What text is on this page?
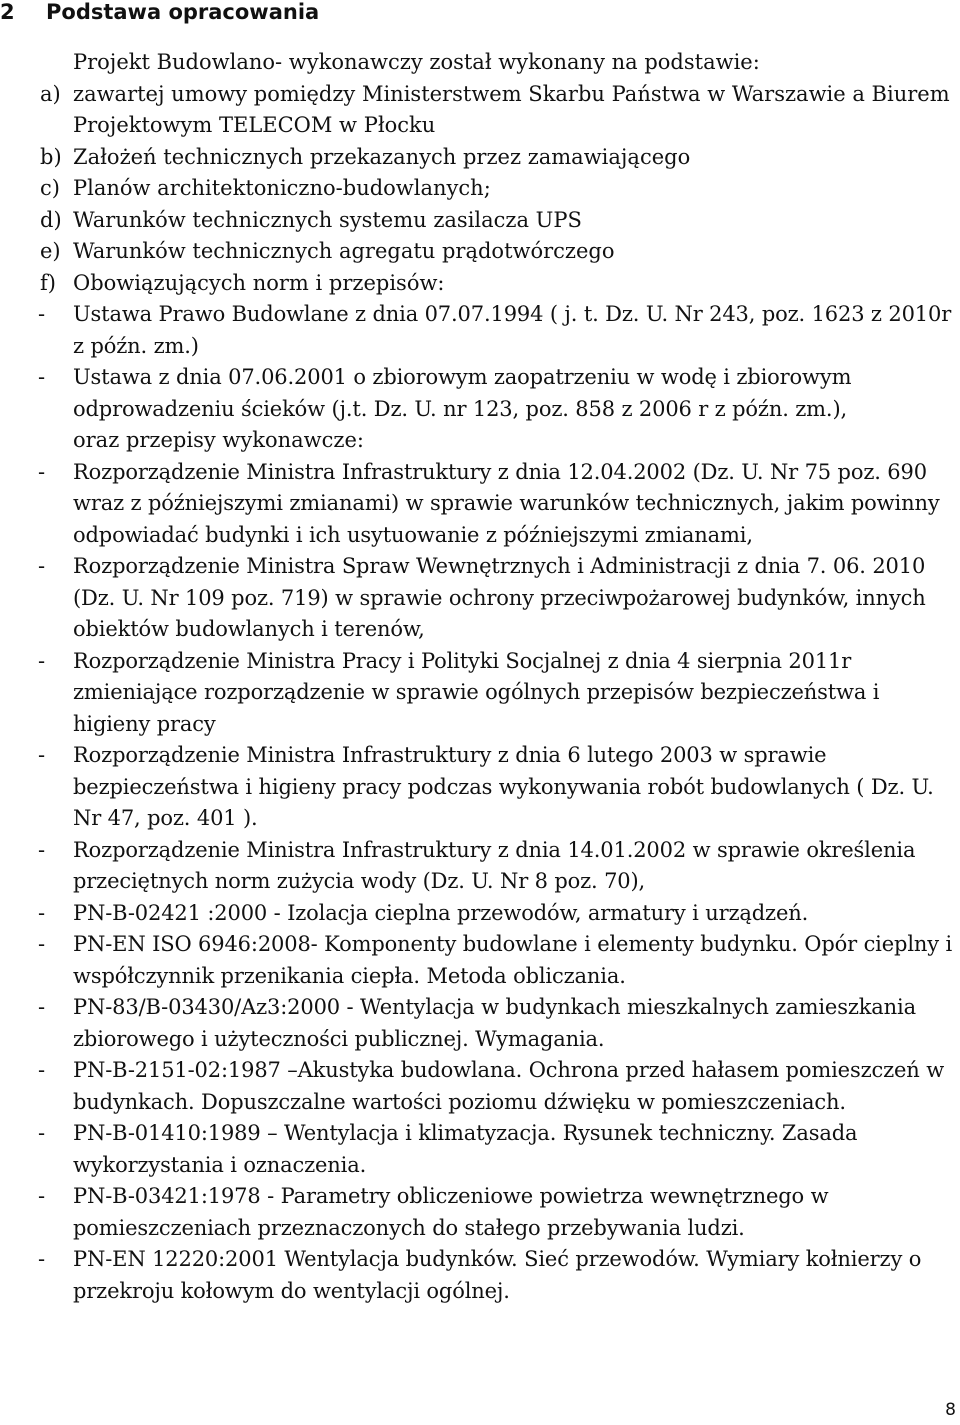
2 Podstawa opracowania

Projekt Budowlano- wykonawczy został wykonany na podstawie:

a) zawartej umowy pomiędzy Ministerstwem Skarbu Państwa w Warszawie a Biurem Projektowym TELECOM w Płocku
b) Założeń technicznych przekazanych przez zamawiającego
c) Planów architektoniczno-budowlanych;
d) Warunków technicznych systemu zasilacza UPS
e) Warunków technicznych agregatu prądotwórczego
f) Obowiązujących norm i przepisów:
- Ustawa Prawo Budowlane z dnia 07.07.1994 ( j. t. Dz. U. Nr 243, poz. 1623 z 2010r z późn. zm.)
- Ustawa z dnia 07.06.2001 o zbiorowym zaopatrzeniu w wodę i zbiorowym odprowadzeniu ścieków (j.t. Dz. U. nr 123, poz. 858 z 2006 r z późn. zm.),

oraz przepisy wykonawcze:

- Rozporządzenie Ministra Infrastruktury z dnia 12.04.2002 (Dz. U. Nr 75 poz. 690 wraz z późniejszymi zmianami) w sprawie warunków technicznych, jakim powinny odpowiadać budynki i ich usytuowanie z późniejszymi zmianami,
- Rozporządzenie Ministra Spraw Wewnętrznych i Administracji z dnia 7. 06. 2010 (Dz. U. Nr 109 poz. 719) w sprawie ochrony przeciwpożarowej budynków, innych obiektów budowlanych i terenów,
- Rozporządzenie Ministra Pracy i Polityki Socjalnej z dnia 4 sierpnia 2011r zmieniające rozporządzenie w sprawie ogólnych przepisów bezpieczeństwa i higieny pracy
- Rozporządzenie Ministra Infrastruktury z dnia 6 lutego 2003 w sprawie bezpieczeństwa i higieny pracy podczas wykonywania robót budowlanych ( Dz. U. Nr 47, poz. 401 ).
- Rozporządzenie Ministra Infrastruktury z dnia 14.01.2002 w sprawie określenia przeciętnych norm zużycia wody (Dz. U. Nr 8 poz. 70),
- PN-B-02421 :2000 - Izolacja cieplna przewodów, armatury i urządzeń.
- PN-EN ISO 6946:2008- Komponenty budowlane i elementy budynku. Opór cieplny i współczynnik przenikania ciepła. Metoda obliczania.
- PN-83/B-03430/Az3:2000 - Wentylacja w budynkach mieszkalnych zamieszkania zbiorowego i użyteczności publicznej. Wymagania.
- PN-B-2151-02:1987 –Akustyka budowlana. Ochrona przed hałasem pomieszczeń w budynkach. Dopuszczalne wartości poziomu dźwięku w pomieszczeniach.
- PN-B-01410:1989 – Wentylacja i klimatyzacja. Rysunek techniczny. Zasada wykorzystania i oznaczenia.
- PN-B-03421:1978 - Parametry obliczeniowe powietrza wewnętrznego w pomieszczeniach przeznaczonych do stałego przebywania ludzi.
- PN-EN 12220:2001 Wentylacja budynków. Sieć przewodów. Wymiary kołnierzy o przekroju kołowym do wentylacji ogólnej.
8
